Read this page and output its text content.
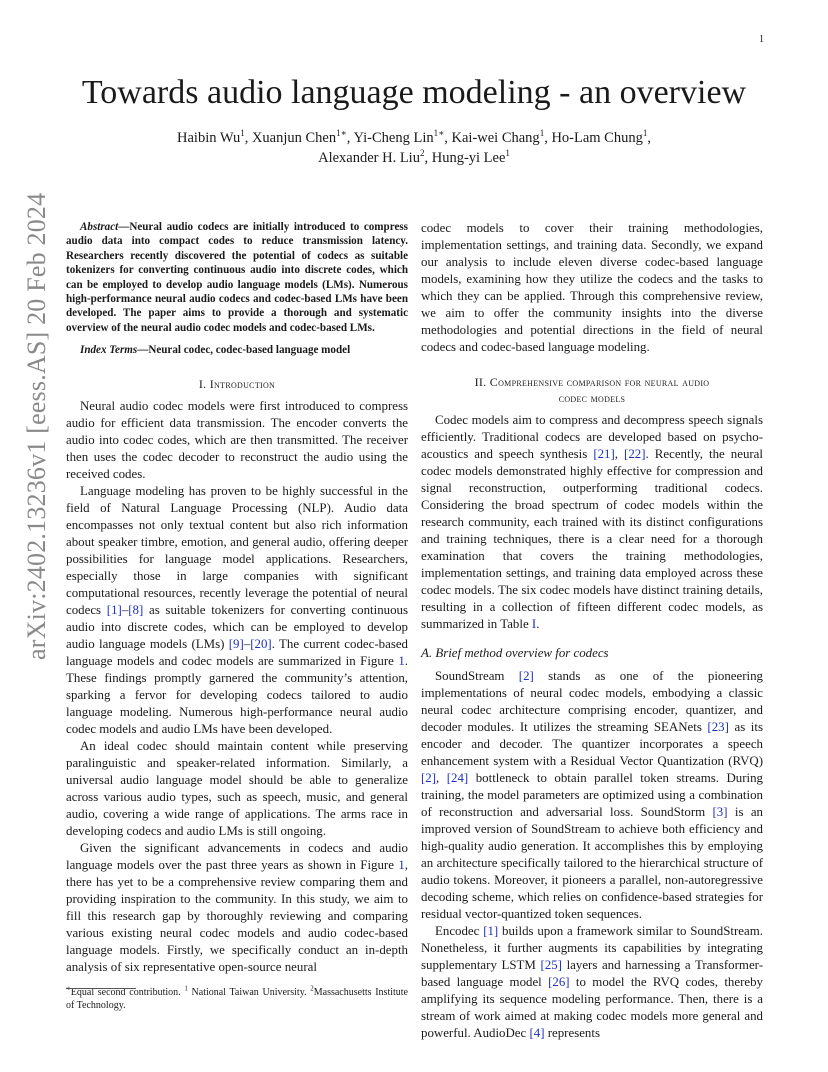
1
arXiv:2402.13236v1 [eess.AS] 20 Feb 2024
Towards audio language modeling - an overview
Haibin Wu$^1$, Xuanjun Chen$^{1∗}$, Yi-Cheng Lin$^{1∗}$, Kai-wei Chang$^1$, Ho-Lam Chung$^1$,
Alexander H. Liu$^2$, Hung-yi Lee$^1$

Abstract—Neural audio codecs are initially introduced to compress audio data into compact codes to reduce transmission latency. Researchers recently discovered the potential of codecs as suitable tokenizers for converting continuous audio into discrete codes, which can be employed to develop audio language models (LMs). Numerous high-performance neural audio codecs and codec-based LMs have been developed. The paper aims to provide a thorough and systematic overview of the neural audio codec models and codec-based LMs.

Index Terms—Neural codec, codec-based language model

I. Introduction

Neural audio codec models were first introduced to compress audio for efficient data transmission. The encoder converts the audio into codec codes, which are then transmitted. The receiver then uses the codec decoder to reconstruct the audio using the received codes.

Language modeling has proven to be highly successful in the field of Natural Language Processing (NLP). Audio data encompasses not only textual content but also rich information about speaker timbre, emotion, and general audio, offering deeper possibilities for language model applications. Researchers, especially those in large companies with significant computational resources, recently leverage the potential of neural codecs [1]–[8] as suitable tokenizers for converting continuous audio into discrete codes, which can be employed to develop audio language models (LMs) [9]–[20]. The current codec-based language models and codec models are summarized in Figure 1. These findings promptly garnered the community’s attention, sparking a fervor for developing codecs tailored to audio language modeling. Numerous high-performance neural audio codec models and audio LMs have been developed.

An ideal codec should maintain content while preserving paralinguistic and speaker-related information. Similarly, a universal audio language model should be able to generalize across various audio types, such as speech, music, and general audio, covering a wide range of applications. The arms race in developing codecs and audio LMs is still ongoing.

Given the significant advancements in codecs and audio language models over the past three years as shown in Figure 1, there has yet to be a comprehensive review comparing them and providing inspiration to the community. In this study, we aim to fill this research gap by thoroughly reviewing and comparing various existing neural codec models and audio codec-based language models. Firstly, we specifically conduct an in-depth analysis of six representative open-source neural

∗Equal second contribution. $^1$ National Taiwan University. $^2$Massachusetts Institute of Technology.

codec models to cover their training methodologies, implementation settings, and training data. Secondly, we expand our analysis to include eleven diverse codec-based language models, examining how they utilize the codecs and the tasks to which they can be applied. Through this comprehensive review, we aim to offer the community insights into the diverse methodologies and potential directions in the field of neural codecs and codec-based language modeling.

II. Comprehensive comparison for neural audio
codec models

Codec models aim to compress and decompress speech signals efficiently. Traditional codecs are developed based on psycho-acoustics and speech synthesis [21], [22]. Recently, the neural codec models demonstrated highly effective for compression and signal reconstruction, outperforming traditional codecs. Considering the broad spectrum of codec models within the research community, each trained with its distinct configurations and training techniques, there is a clear need for a thorough examination that covers the training methodologies, implementation settings, and training data employed across these codec models. The six codec models have distinct training details, resulting in a collection of fifteen different codec models, as summarized in Table I.

A. Brief method overview for codecs

SoundStream [2] stands as one of the pioneering implementations of neural codec models, embodying a classic neural codec architecture comprising encoder, quantizer, and decoder modules. It utilizes the streaming SEANets [23] as its encoder and decoder. The quantizer incorporates a speech enhancement system with a Residual Vector Quantization (RVQ) [2], [24] bottleneck to obtain parallel token streams. During training, the model parameters are optimized using a combination of reconstruction and adversarial loss. SoundStorm [3] is an improved version of SoundStream to achieve both efficiency and high-quality audio generation. It accomplishes this by employing an architecture specifically tailored to the hierarchical structure of audio tokens. Moreover, it pioneers a parallel, non-autoregressive decoding scheme, which relies on confidence-based strategies for residual vector-quantized token sequences.

Encodec [1] builds upon a framework similar to SoundStream. Nonetheless, it further augments its capabilities by integrating supplementary LSTM [25] layers and harnessing a Transformer-based language model [26] to model the RVQ codes, thereby amplifying its sequence modeling performance. Then, there is a stream of work aimed at making codec models more general and powerful. AudioDec [4] represents
